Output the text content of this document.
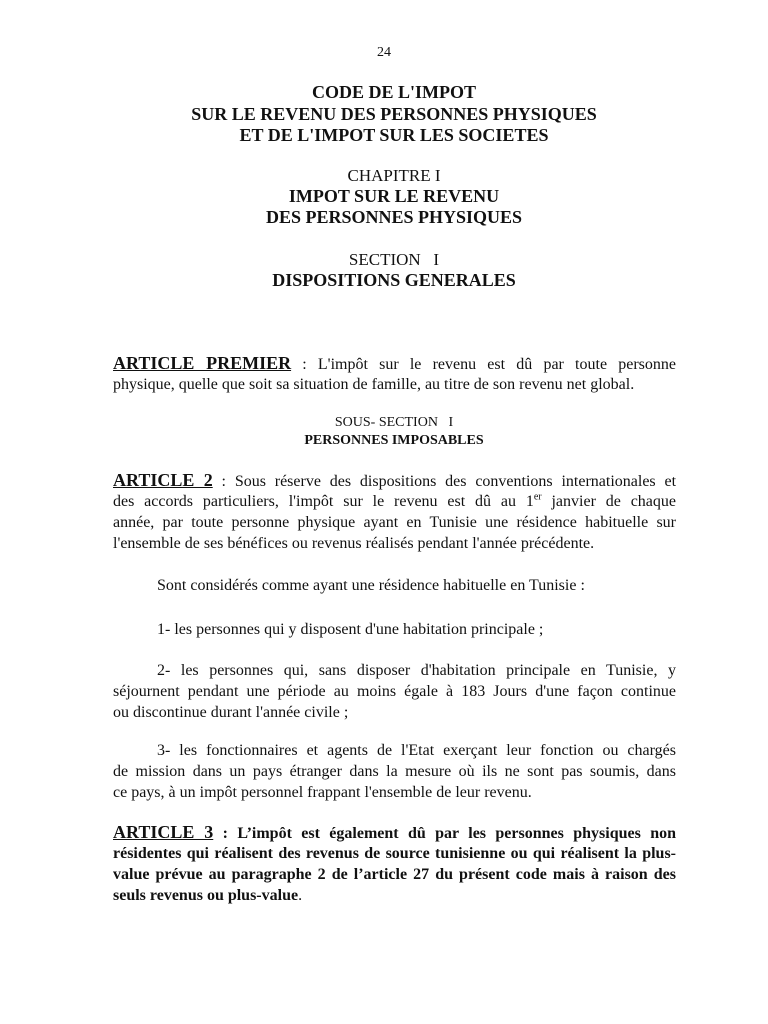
24
CODE DE L'IMPOT
SUR LE REVENU DES PERSONNES PHYSIQUES
ET DE L'IMPOT SUR LES SOCIETES
CHAPITRE I
IMPOT SUR LE REVENU
DES PERSONNES PHYSIQUES
SECTION   I
DISPOSITIONS GENERALES
ARTICLE PREMIER : L'impôt sur le revenu est dû par toute personne
physique, quelle que soit sa situation de famille, au titre de son revenu net global.
SOUS- SECTION   I
PERSONNES IMPOSABLES
ARTICLE 2 : Sous réserve des dispositions des conventions internationales et
des accords particuliers, l'impôt sur le revenu est dû au 1er janvier de chaque
année, par toute personne physique ayant en Tunisie une résidence habituelle sur
l'ensemble de ses bénéfices ou revenus réalisés pendant l'année précédente.
Sont considérés comme ayant une résidence habituelle en Tunisie :
1- les personnes qui y disposent d'une habitation principale ;
2- les personnes qui, sans disposer d'habitation principale en Tunisie, y
séjournent pendant une période au moins égale à 183 Jours d'une façon continue
ou discontinue durant l'année civile ;
3- les fonctionnaires et agents de l'Etat exerçant leur fonction ou chargés
de mission dans un pays étranger dans la mesure où ils ne sont pas soumis, dans
ce pays, à un impôt personnel frappant l'ensemble de leur revenu.
ARTICLE 3 : L’impôt est également dû par les personnes physiques non
résidentes qui réalisent des revenus de source tunisienne ou qui réalisent la plus-
value prévue au paragraphe 2 de l’article 27 du présent code mais à raison des
seuls revenus ou plus-value.
